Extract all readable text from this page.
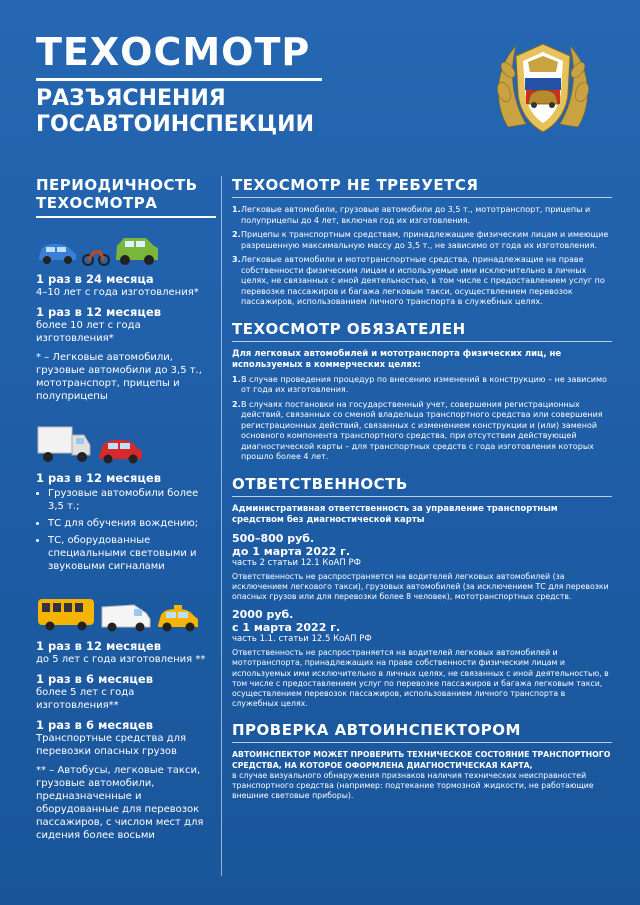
ТЕХОСМОТР
РАЗЪЯСНЕНИЯ
ГОСАВТОИНСПЕКЦИИ
ПЕРИОДИЧНОСТЬ
ТЕХОСМОТРА
1 раз в 24 месяца
4–10 лет с года изготовления*
1 раз в 12 месяцев
более 10 лет с года изготовления*
* – Легковые автомобили, грузовые автомобили до 3,5 т., мототранспорт, прицепы и полуприцепы
1 раз в 12 месяцев
• Грузовые автомобили более 3,5 т.;
• ТС для обучения вождению;
• ТС, оборудованные специальными световыми и звуковыми сигналами
1 раз в 12 месяцев
до 5 лет с года изготовления **
1 раз в 6 месяцев
более 5 лет с года изготовления**
1 раз в 6 месяцев
Транспортные средства для перевозки опасных грузов
** – Автобусы, легковые такси, грузовые автомобили, предназначенные и оборудованные для перевозок пассажиров, с числом мест для сидения более восьми
ТЕХОСМОТР НЕ ТРЕБУЕТСЯ
1. Легковые автомобили, грузовые автомобили до 3,5 т., мототранспорт, прицепы и полуприцепы до 4 лет, включая год их изготовления.
2. Прицепы к транспортным средствам, принадлежащие физическим лицам и имеющие разрешенную максимальную массу до 3,5 т., не зависимо от года их изготовления.
3. Легковые автомобили и мототранспортные средства, принадлежащие на праве собственности физическим лицам и используемые ими исключительно в личных целях, не связанных с иной деятельностью, в том числе с предоставлением услуг по перевозке пассажиров и багажа легковым такси, осуществлением перевозок пассажиров, использованием личного транспорта в служебных целях.
ТЕХОСМОТР ОБЯЗАТЕЛЕН
Для легковых автомобилей и мототранспорта физических лиц, не используемых в коммерческих целях:
1. В случае проведения процедур по внесению изменений в конструкцию – не зависимо от года их изготовления.
2. В случаях постановки на государственный учет, совершения регистрационных действий, связанных со сменой владельца транспортного средства или совершения регистрационных действий, связанных с изменением конструкции и (или) заменой основного компонента транспортного средства, при отсутствии действующей диагностической карты – для транспортных средств с года изготовления которых прошло более 4 лет.
ОТВЕТСТВЕННОСТЬ
Административная ответственность за управление транспортным средством без диагностической карты
500–800 руб.
до 1 марта 2022 г.
часть 2 статьи 12.1 КоАП РФ
Ответственность не распространяется на водителей легковых автомобилей (за исключением легкового такси), грузовых автомобилей (за исключением ТС для перевозки опасных грузов или для перевозки более 8 человек), мототранспортных средств.
2000 руб.
с 1 марта 2022 г.
часть 1.1. статьи 12.5 КоАП РФ
Ответственность не распространяется на водителей легковых автомобилей и мототранспорта, принадлежащих на праве собственности физическим лицам и используемых ими исключительно в личных целях, не связанных с иной деятельностью, в том числе с предоставлением услуг по перевозке пассажиров и багажа легковым такси, осуществлением перевозок пассажиров, использованием личного транспорта в служебных целях.
ПРОВЕРКА АВТОИНСПЕКТОРОМ
АВТОИНСПЕКТОР МОЖЕТ ПРОВЕРИТЬ ТЕХНИЧЕСКОЕ СОСТОЯНИЕ ТРАНСПОРТНОГО СРЕДСТВА, НА КОТОРОЕ ОФОРМЛЕНА ДИАГНОСТИЧЕСКАЯ КАРТА,
в случае визуального обнаружения признаков наличия технических неисправностей транспортного средства (например: подтекание тормозной жидкости, не работающие внешние световые приборы).
